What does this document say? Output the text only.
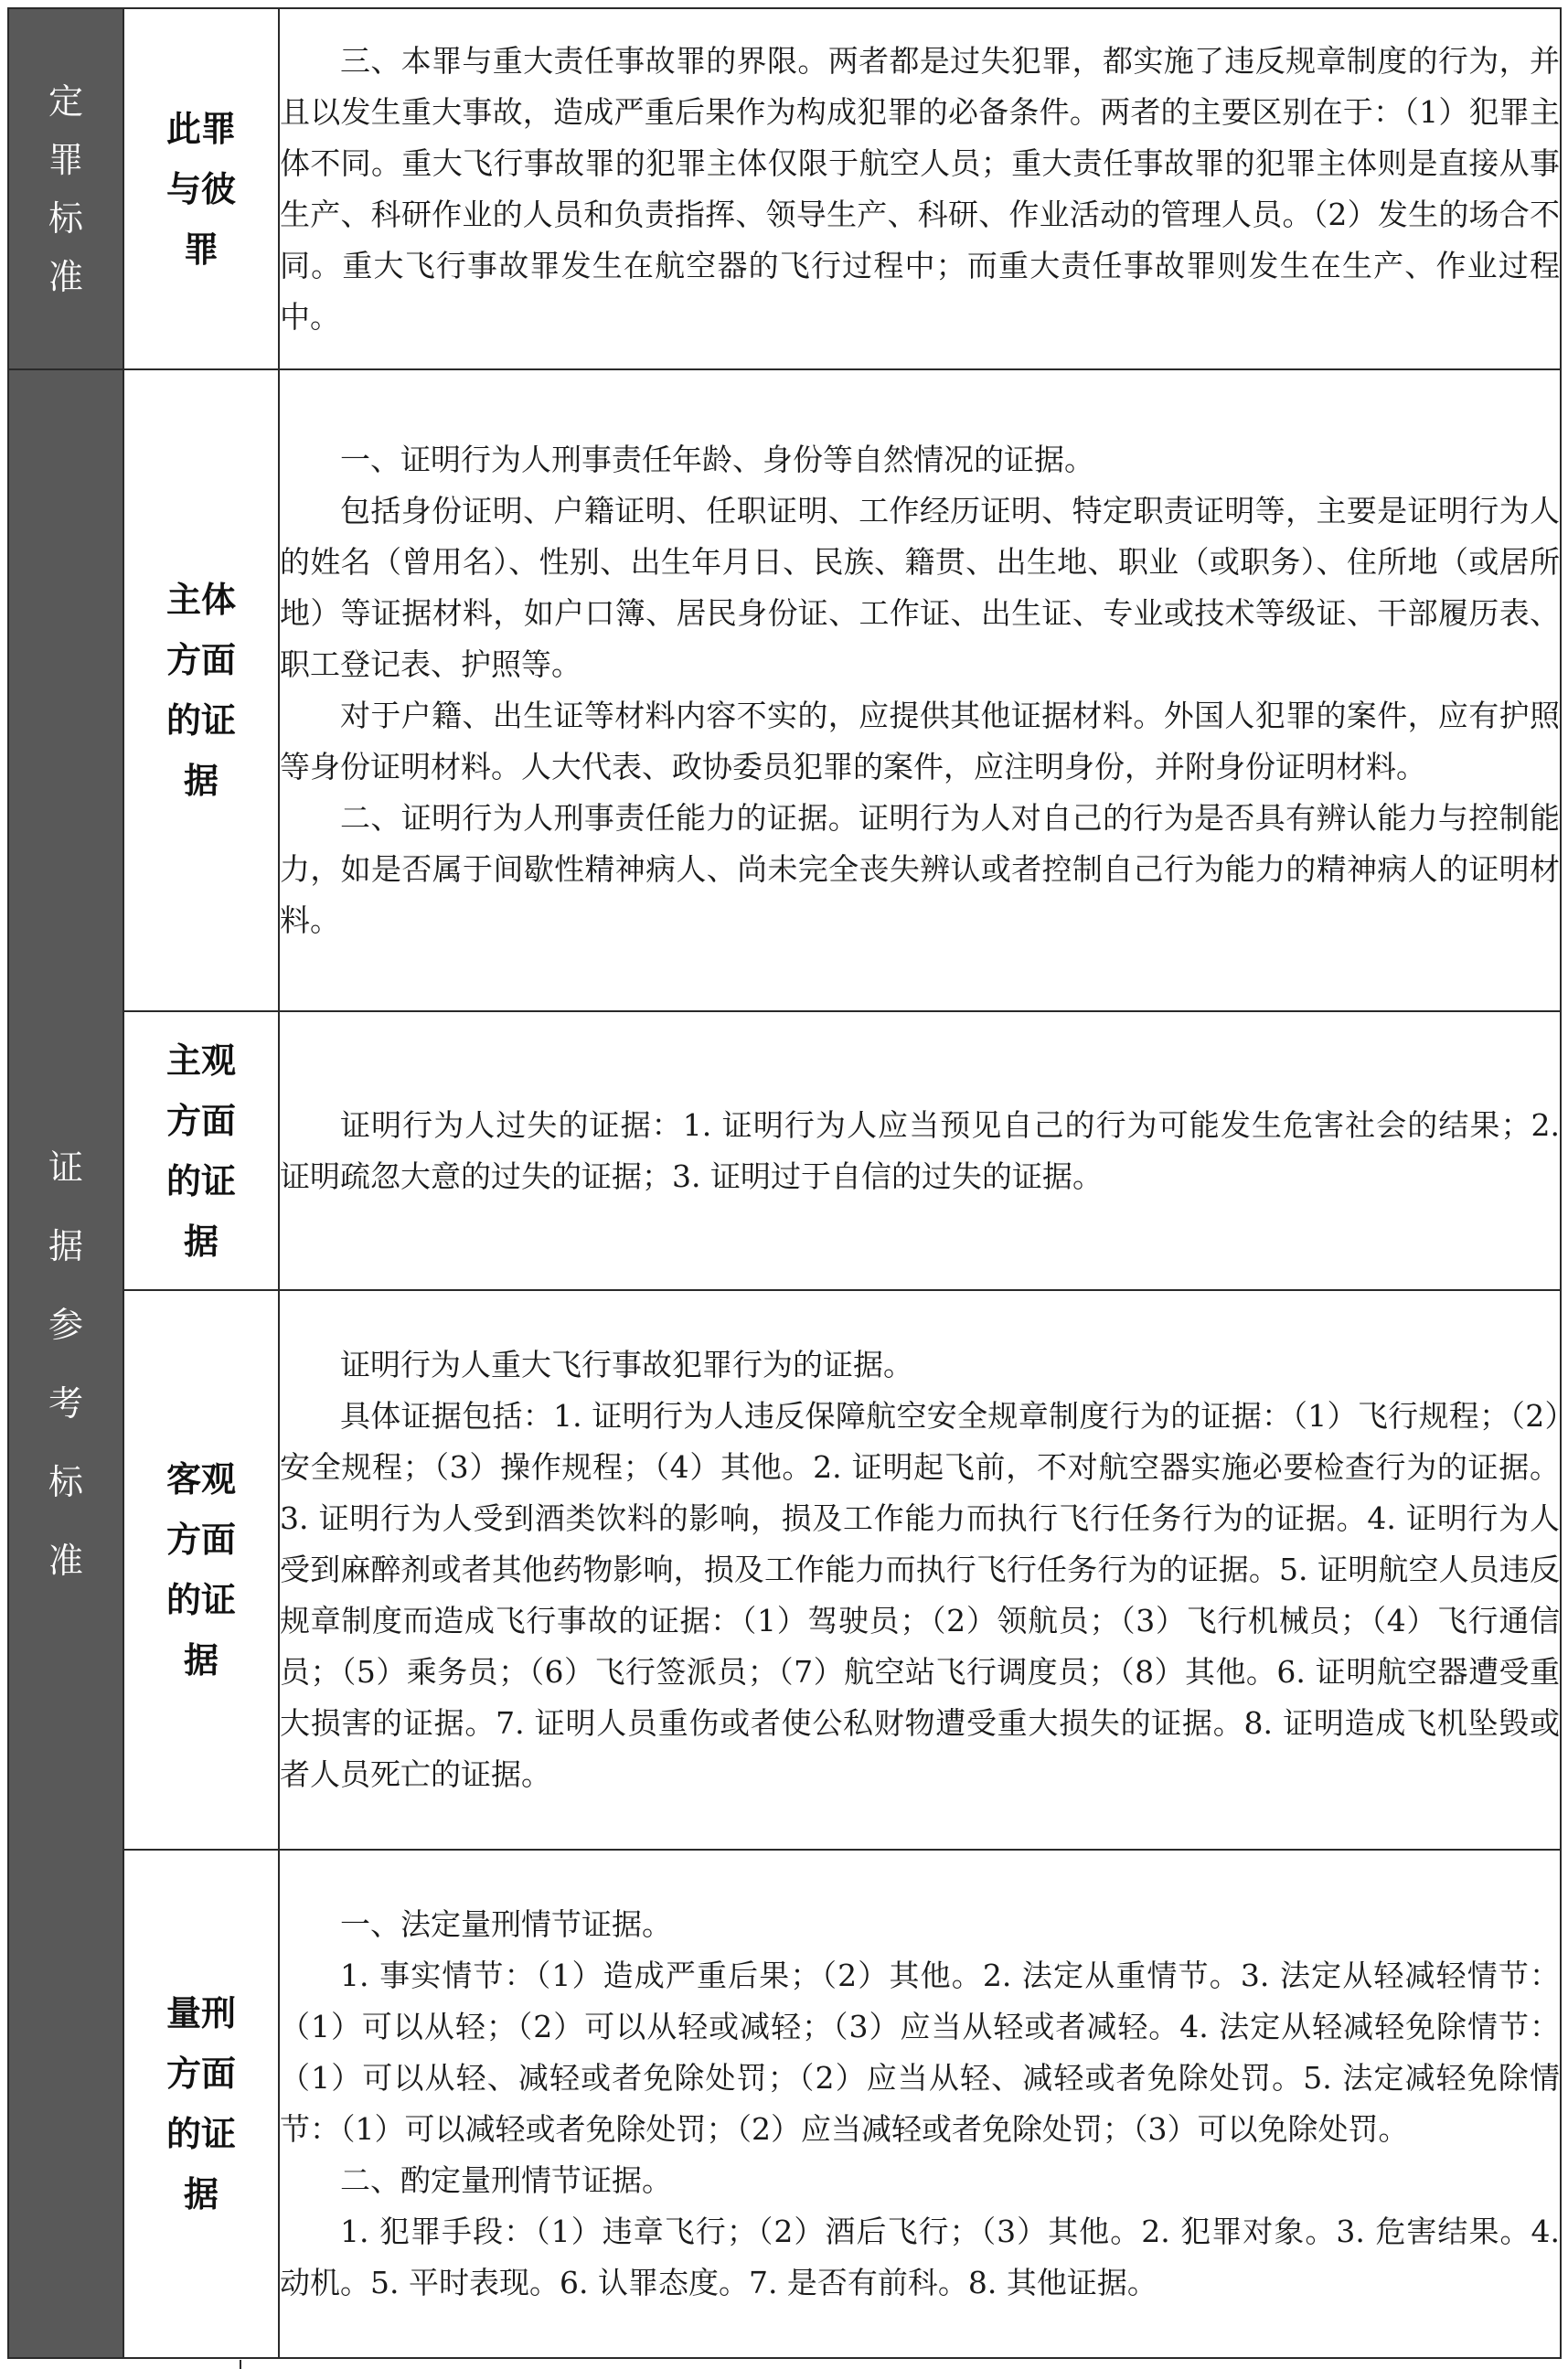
定罪标准	此罪与彼罪	三、本罪与重大责任事故罪的界限。两者都是过失犯罪，都实施了违反规章制度的行为，并且以发生重大事故，造成严重后果作为构成犯罪的必备条件。两者的主要区别在于：（1）犯罪主体不同。重大飞行事故罪的犯罪主体仅限于航空人员；重大责任事故罪的犯罪主体则是直接从事生产、科研作业的人员和负责指挥、领导生产、科研、作业活动的管理人员。（2）发生的场合不同。重大飞行事故罪发生在航空器的飞行过程中；而重大责任事故罪则发生在生产、作业过程中。

证据参考标准	主体方面的证据	一、证明行为人刑事责任年龄、身份等自然情况的证据。

包括身份证明、户籍证明、任职证明、工作经历证明、特定职责证明等，主要是证明行为人的姓名（曾用名）、性别、出生年月日、民族、籍贯、出生地、职业（或职务）、住所地（或居所地）等证据材料，如户口簿、居民身份证、工作证、出生证、专业或技术等级证、干部履历表、职工登记表、护照等。

对于户籍、出生证等材料内容不实的，应提供其他证据材料。外国人犯罪的案件，应有护照等身份证明材料。人大代表、政协委员犯罪的案件，应注明身份，并附身份证明材料。

二、证明行为人刑事责任能力的证据。证明行为人对自己的行为是否具有辨认能力与控制能力，如是否属于间歇性精神病人、尚未完全丧失辨认或者控制自己行为能力的精神病人的证明材料。

	主观方面的证据	证明行为人过失的证据：1. 证明行为人应当预见自己的行为可能发生危害社会的结果；2. 证明疏忽大意的过失的证据；3. 证明过于自信的过失的证据。

	客观方面的证据	证明行为人重大飞行事故犯罪行为的证据。

具体证据包括：1. 证明行为人违反保障航空安全规章制度行为的证据：（1）飞行规程；（2）安全规程；（3）操作规程；（4）其他。2. 证明起飞前，不对航空器实施必要检查行为的证据。3. 证明行为人受到酒类饮料的影响，损及工作能力而执行飞行任务行为的证据。4. 证明行为人受到麻醉剂或者其他药物影响，损及工作能力而执行飞行任务行为的证据。5. 证明航空人员违反规章制度而造成飞行事故的证据：（1）驾驶员；（2）领航员；（3）飞行机械员；（4）飞行通信员；（5）乘务员；（6）飞行签派员；（7）航空站飞行调度员；（8）其他。6. 证明航空器遭受重大损害的证据。7. 证明人员重伤或者使公私财物遭受重大损失的证据。8. 证明造成飞机坠毁或者人员死亡的证据。

	量刑方面的证据	一、法定量刑情节证据。

1. 事实情节：（1）造成严重后果；（2）其他。2. 法定从重情节。3. 法定从轻减轻情节：（1）可以从轻；（2）可以从轻或减轻；（3）应当从轻或者减轻。4. 法定从轻减轻免除情节：（1）可以从轻、减轻或者免除处罚；（2）应当从轻、减轻或者免除处罚。5. 法定减轻免除情节：（1）可以减轻或者免除处罚；（2）应当减轻或者免除处罚；（3）可以免除处罚。

二、酌定量刑情节证据。

1. 犯罪手段：（1）违章飞行；（2）酒后飞行；（3）其他。2. 犯罪对象。3. 危害结果。4. 动机。5. 平时表现。6. 认罪态度。7. 是否有前科。8. 其他证据。
